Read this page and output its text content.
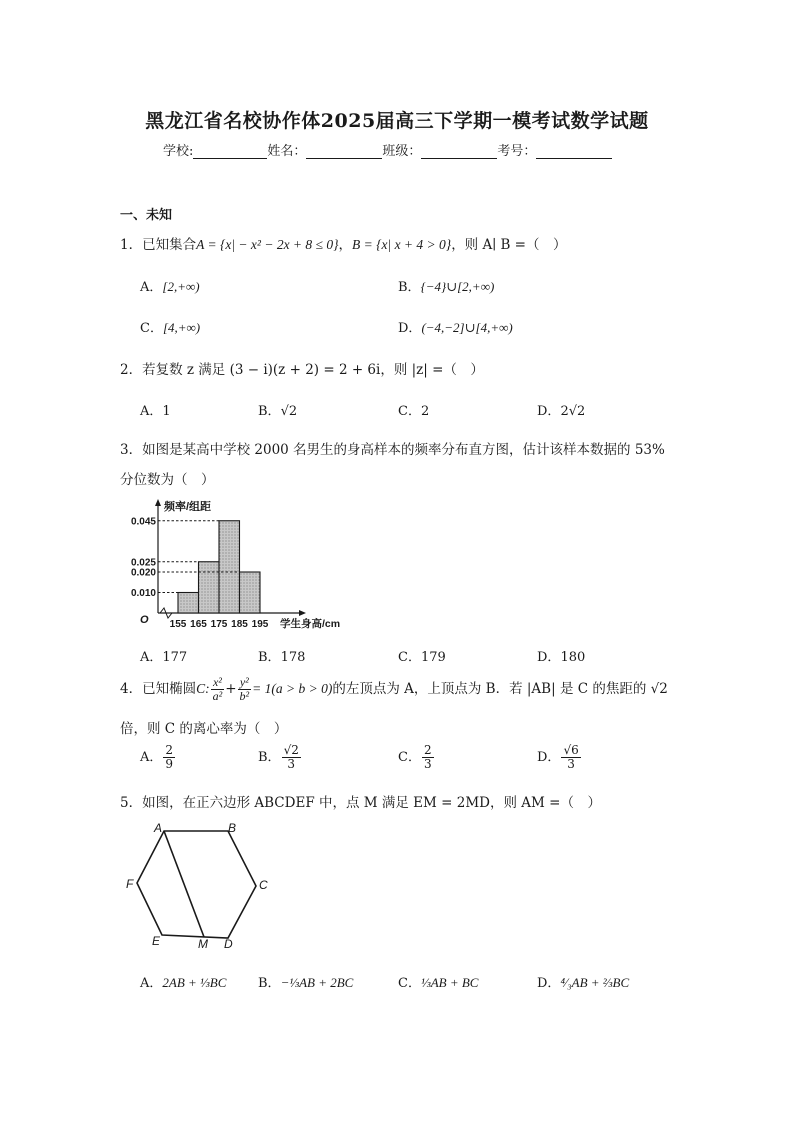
黑龙江省名校协作体2025届高三下学期一模考试数学试题
学校:	姓名：	班级：	考号：
一、未知
1．已知集合A = {x| − x² − 2x + 8 ≤ 0}，B = {x| x + 4 > 0}，则 A∣ B =（　）
A．[2,+∞)	B．{−4}∪[2,+∞)
C．[4,+∞)	D．(−4,−2]∪[4,+∞)
2．若复数 z 满足 (3 − i)(z + 2) = 2 + 6i，则 |z| =（　）
A．1	B．√2	C．2	D．2√2
3．如图是某高中学校 2000 名男生的身高样本的频率分布直方图，估计该样本数据的 53%
分位数为（　）
0.010
0.020
0.025
0.045
155 165 175 185 195
频率/组距
学生身高/cm
O
A．177	B．178	C．179	D．180
4．已知椭圆C: $\frac{\text{x²}}{\text{a²}} + \frac{\text{y²}}{\text{b²}} = 1(a > b > 0)$的左顶点为 A，上顶点为 B．若 |AB| 是 C 的焦距的 √2
倍，则 C 的离心率为（　）
A． $\frac{2}{9}$	B． $\frac{√2}{3}$	C． $\frac{2}{3}$	D． $\frac{√6}{3}$
5．如图，在正六边形 ABCDEF 中，点 M 满足 EM = 2MD，则 AM =（　）
A	B
C
D
M
E
F
A．2AB + ⅓BC B．−⅓AB + 2BC	C．⅓AB + BC	D．⁴⁄₃AB + ⅔BC
